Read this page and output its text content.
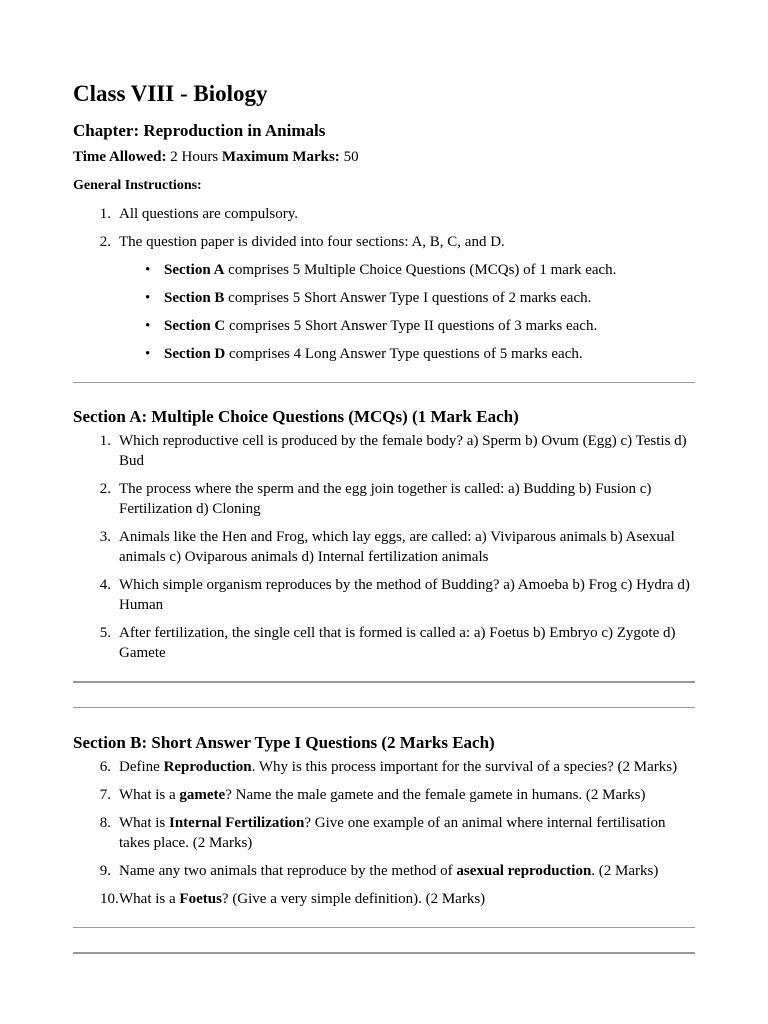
Class VIII - Biology
Chapter: Reproduction in Animals
Time Allowed: 2 Hours Maximum Marks: 50
General Instructions:
1. All questions are compulsory.
2. The question paper is divided into four sections: A, B, C, and D.
• Section A comprises 5 Multiple Choice Questions (MCQs) of 1 mark each.
• Section B comprises 5 Short Answer Type I questions of 2 marks each.
• Section C comprises 5 Short Answer Type II questions of 3 marks each.
• Section D comprises 4 Long Answer Type questions of 5 marks each.
Section A: Multiple Choice Questions (MCQs) (1 Mark Each)
1. Which reproductive cell is produced by the female body? a) Sperm b) Ovum (Egg) c) Testis d) Bud
2. The process where the sperm and the egg join together is called: a) Budding b) Fusion c) Fertilization d) Cloning
3. Animals like the Hen and Frog, which lay eggs, are called: a) Viviparous animals b) Asexual animals c) Oviparous animals d) Internal fertilization animals
4. Which simple organism reproduces by the method of Budding? a) Amoeba b) Frog c) Hydra d) Human
5. After fertilization, the single cell that is formed is called a: a) Foetus b) Embryo c) Zygote d) Gamete
Section B: Short Answer Type I Questions (2 Marks Each)
6. Define Reproduction. Why is this process important for the survival of a species? (2 Marks)
7. What is a gamete? Name the male gamete and the female gamete in humans. (2 Marks)
8. What is Internal Fertilization? Give one example of an animal where internal fertilisation takes place. (2 Marks)
9. Name any two animals that reproduce by the method of asexual reproduction. (2 Marks)
10. What is a Foetus? (Give a very simple definition). (2 Marks)
